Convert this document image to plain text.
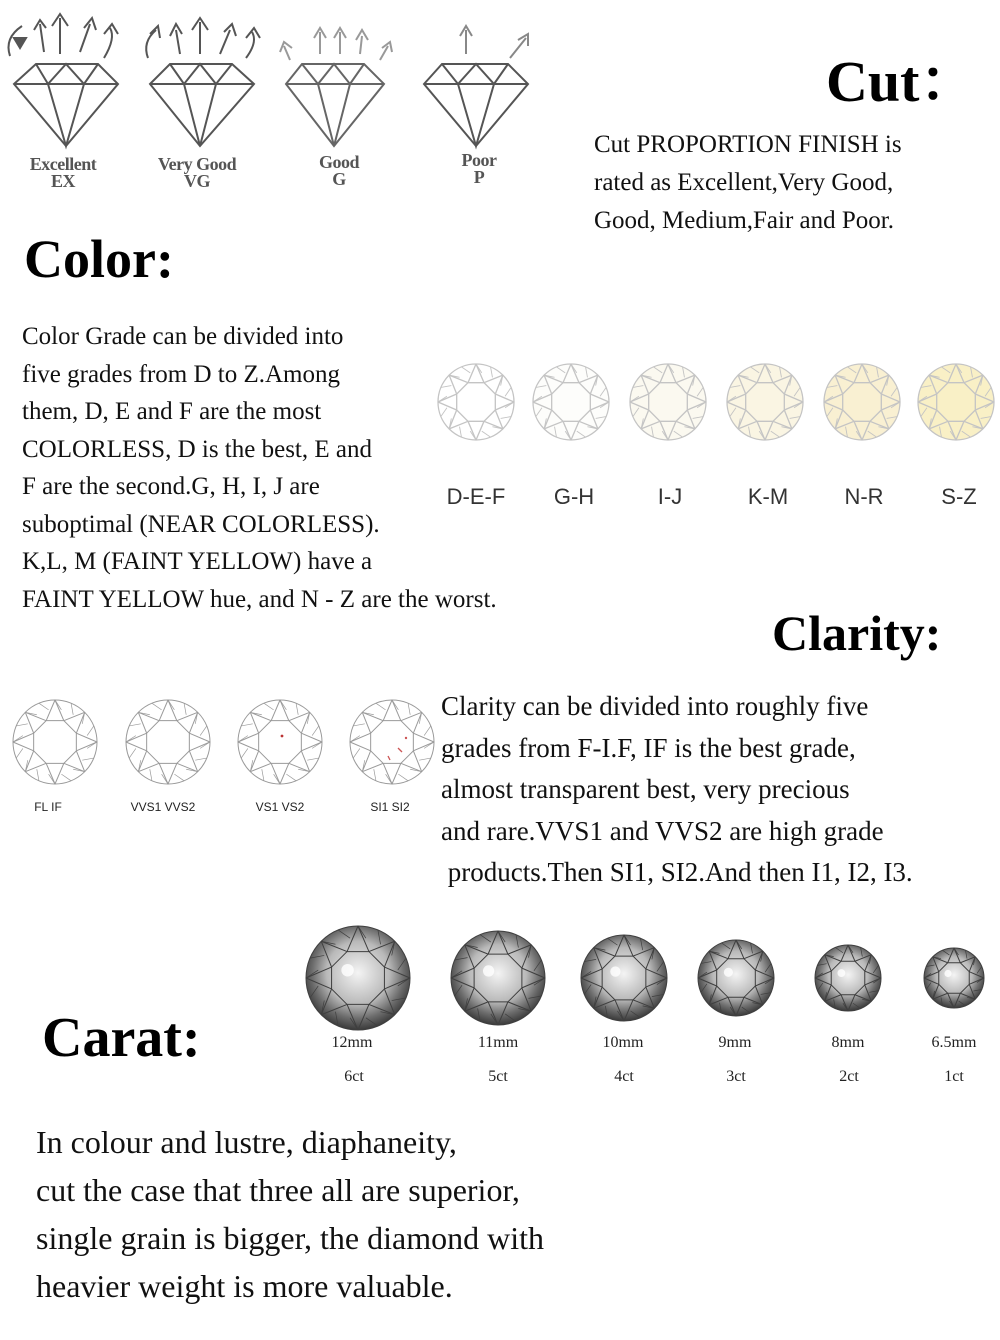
Cut：
Excellent
EX
Very Good
VG
Good
G
Poor
P
Cut PROPORTION FINISH is
rated as Excellent,Very Good,
Good, Medium,Fair and Poor.
Color:
Color Grade can be divided into
five grades from D to Z.Among
them, D, E and F are the most
COLORLESS, D is the best, E and
F are the second.G, H, I, J are
suboptimal (NEAR COLORLESS).
K,L, M (FAINT YELLOW) have a
FAINT YELLOW hue, and N - Z are the worst.
D-E-F	G-H	I-J	K-M	N-R	S-Z
Clarity:
FL IF	VVS1 VVS2	VS1 VS2	SI1 SI2
Clarity can be divided into roughly five
grades from F-I.F, IF is the best grade,
almost transparent best, very precious
and rare.VVS1 and VVS2 are high grade
products.Then SI1, SI2.And then I1, I2, I3.
Carat:	12mm	11mm	10mm	9mm	8mm	6.5mm
6ct	5ct	4ct	3ct	2ct	1ct
In colour and lustre, diaphaneity,
cut the case that three all are superior,
single grain is bigger, the diamond with
heavier weight is more valuable.
